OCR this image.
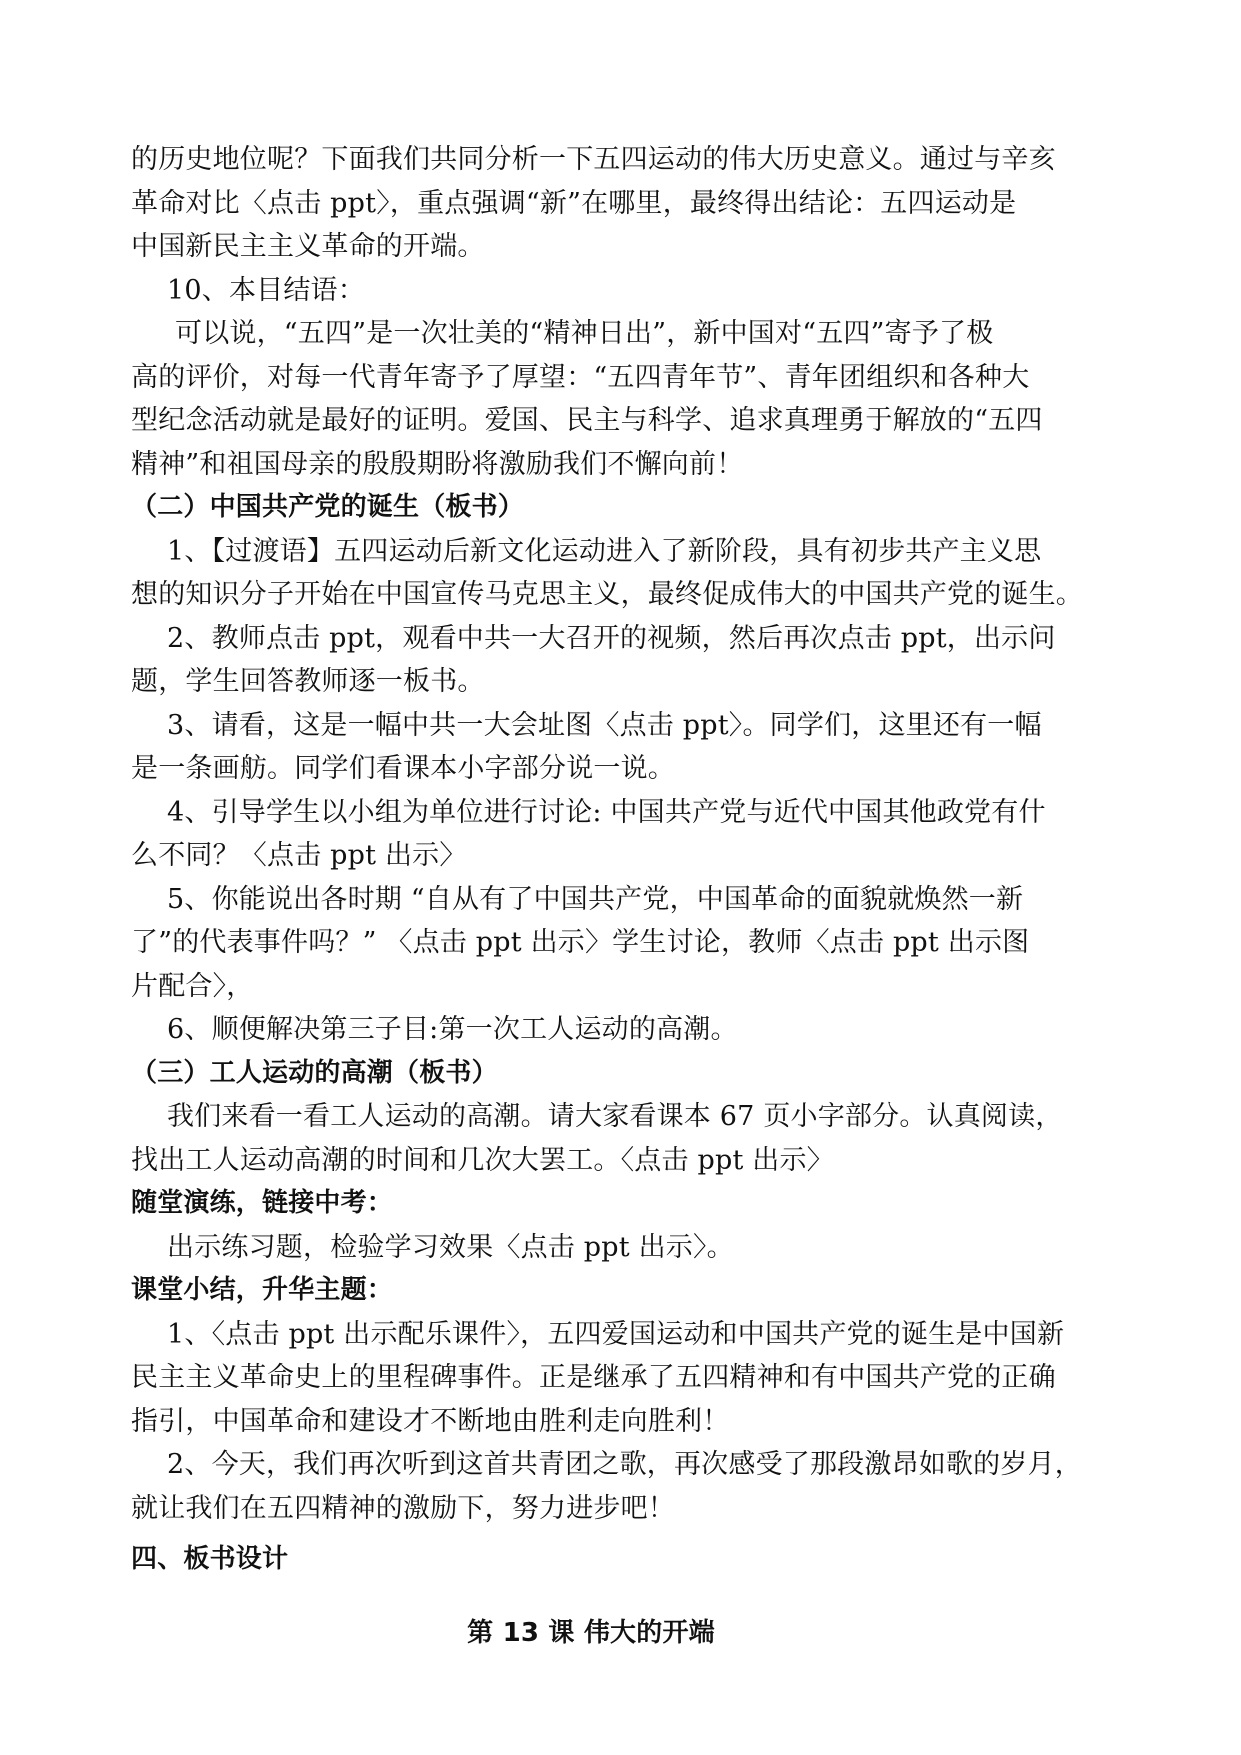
的历史地位呢？下面我们共同分析一下五四运动的伟大历史意义。通过与辛亥
革命对比〈点击 ppt〉，重点强调“新”在哪里，最终得出结论：五四运动是
中国新民主主义革命的开端。
10、本目结语：
可以说，“五四”是一次壮美的“精神日出”，新中国对“五四”寄予了极
高的评价，对每一代青年寄予了厚望：“五四青年节”、青年团组织和各种大
型纪念活动就是最好的证明。爱国、民主与科学、追求真理勇于解放的“五四
精神”和祖国母亲的殷殷期盼将激励我们不懈向前！
（二）中国共产党的诞生（板书）
1、【过渡语】五四运动后新文化运动进入了新阶段，具有初步共产主义思
想的知识分子开始在中国宣传马克思主义，最终促成伟大的中国共产党的诞生。
2、教师点击 ppt，观看中共一大召开的视频，然后再次点击 ppt，出示问
题，学生回答教师逐一板书。
3、请看，这是一幅中共一大会址图〈点击 ppt〉。同学们，这里还有一幅
是一条画舫。同学们看课本小字部分说一说。
4、引导学生以小组为单位进行讨论: 中国共产党与近代中国其他政党有什
么不同？〈点击 ppt 出示〉
5、你能说出各时期 “自从有了中国共产党，中国革命的面貌就焕然一新
了”的代表事件吗？” 〈点击 ppt 出示〉学生讨论，教师〈点击 ppt 出示图
片配合〉，
6、顺便解决第三子目:第一次工人运动的高潮。
（三）工人运动的高潮（板书）
我们来看一看工人运动的高潮。请大家看课本 67 页小字部分。认真阅读，
找出工人运动高潮的时间和几次大罢工。〈点击 ppt 出示〉
随堂演练，链接中考：
出示练习题，检验学习效果〈点击 ppt 出示〉。
课堂小结，升华主题：
1、〈点击 ppt 出示配乐课件〉，五四爱国运动和中国共产党的诞生是中国新
民主主义革命史上的里程碑事件。正是继承了五四精神和有中国共产党的正确
指引，中国革命和建设才不断地由胜利走向胜利！
2、今天，我们再次听到这首共青团之歌，再次感受了那段激昂如歌的岁月，
就让我们在五四精神的激励下，努力进步吧！
四、板书设计
第 13 课 伟大的开端
